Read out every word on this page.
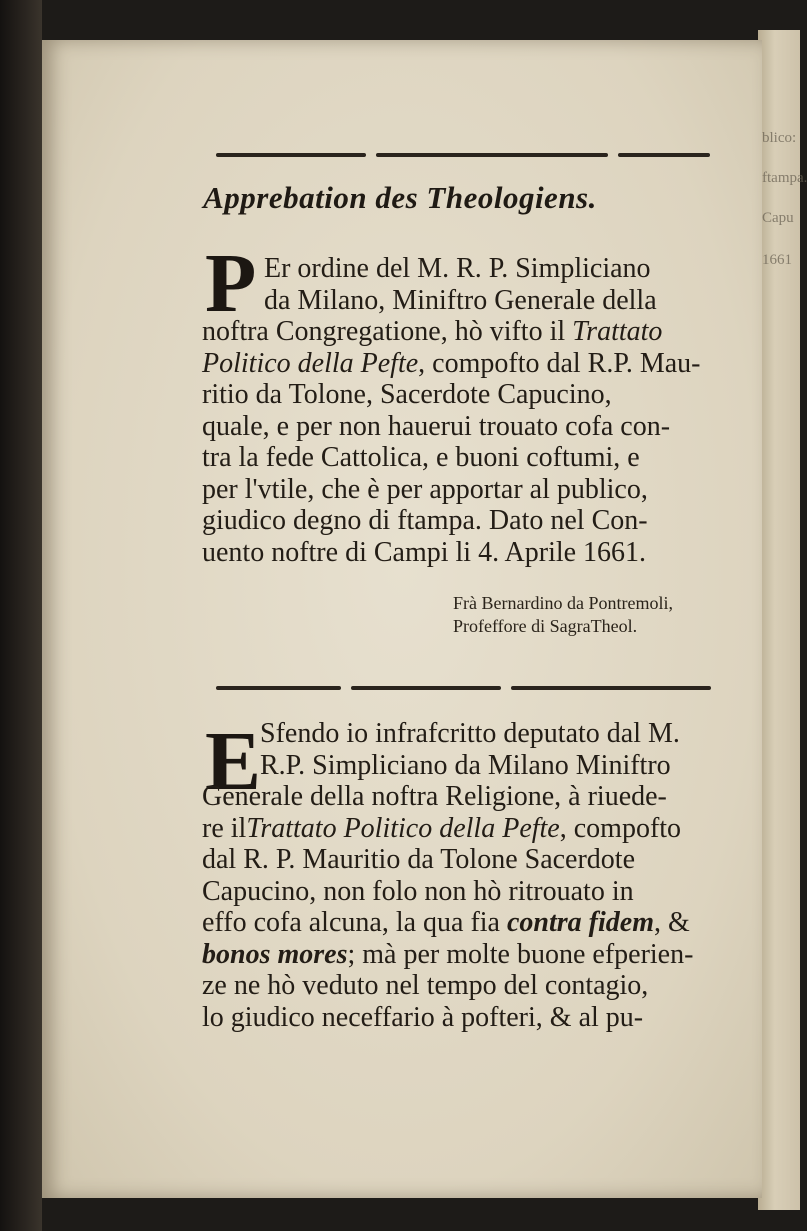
blico:
ftampa.
Capu
1661
Apprebation des Theologiens.
P Er ordine del M. R. P. Simpliciano
da Milano, Miniftro Generale della
noftra Congregatione, hò vifto il Trattato
Politico della Pefte, compofto dal R.P. Mau-
ritio da Tolone, Sacerdote Capucino,
quale, e per non hauerui trouato cofa con-
tra la fede Cattolica, e buoni coftumi, e
per l'vtile, che è per apportar al publico,
giudico degno di ftampa. Dato nel Con-
uento noftre di Campi li 4. Aprile 1661.
Frà Bernardino da Pontremoli,
Profeffore di SagraTheol.
E
Sfendo io infrafcritto deputato dal M.
R.P. Simpliciano da Milano Miniftro
Generale della noftra Religione, à riuede-
re ilTrattato Politico della Pefte, compofto
dal R. P. Mauritio da Tolone Sacerdote
Capucino, non folo non hò ritrouato in
effo cofa alcuna, la qua fia contra fidem, &
bonos mores; mà per molte buone efperien-
ze ne hò veduto nel tempo del contagio,
lo giudico neceffario à pofteri, & al pu-
